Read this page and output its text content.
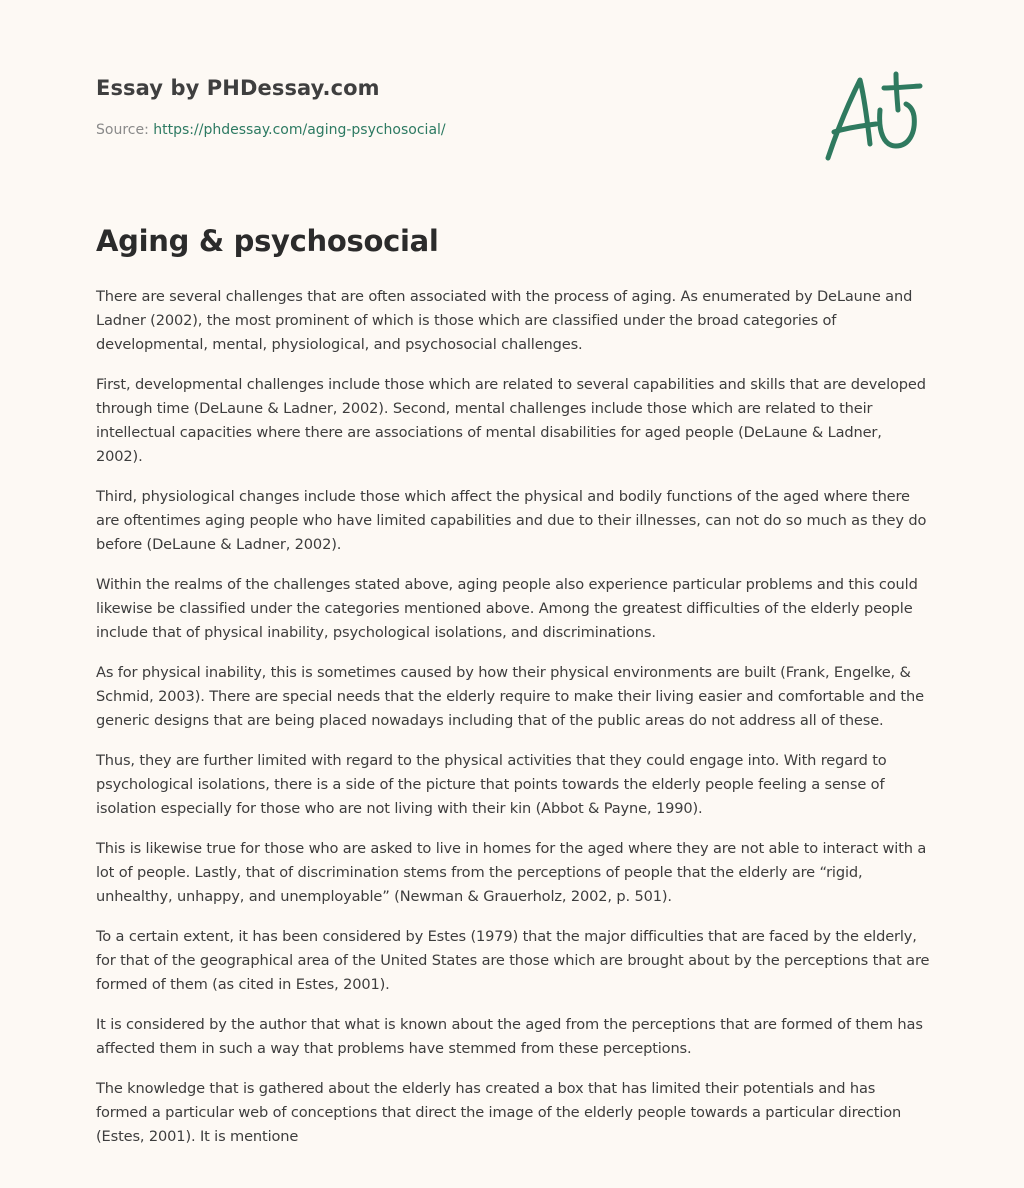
Essay by PHDessay.com
Source: https://phdessay.com/aging-psychosocial/
Aging & psychosocial

There are several challenges that are often associated with the process of aging. As enumerated by DeLaune and Ladner (2002), the most prominent of which is those which are classified under the broad categories of developmental, mental, physiological, and psychosocial challenges.

First, developmental challenges include those which are related to several capabilities and skills that are developed through time (DeLaune & Ladner, 2002). Second, mental challenges include those which are related to their intellectual capacities where there are associations of mental disabilities for aged people (DeLaune & Ladner, 2002).

Third, physiological changes include those which affect the physical and bodily functions of the aged where there are oftentimes aging people who have limited capabilities and due to their illnesses, can not do so much as they do before (DeLaune & Ladner, 2002).

Within the realms of the challenges stated above, aging people also experience particular problems and this could likewise be classified under the categories mentioned above. Among the greatest difficulties of the elderly people include that of physical inability, psychological isolations, and discriminations.

As for physical inability, this is sometimes caused by how their physical environments are built (Frank, Engelke, & Schmid, 2003). There are special needs that the elderly require to make their living easier and comfortable and the generic designs that are being placed nowadays including that of the public areas do not address all of these.

Thus, they are further limited with regard to the physical activities that they could engage into. With regard to psychological isolations, there is a side of the picture that points towards the elderly people feeling a sense of isolation especially for those who are not living with their kin (Abbot & Payne, 1990).

This is likewise true for those who are asked to live in homes for the aged where they are not able to interact with a lot of people. Lastly, that of discrimination stems from the perceptions of people that the elderly are “rigid, unhealthy, unhappy, and unemployable” (Newman & Grauerholz, 2002, p. 501).

To a certain extent, it has been considered by Estes (1979) that the major difficulties that are faced by the elderly, for that of the geographical area of the United States are those which are brought about by the perceptions that are formed of them (as cited in Estes, 2001).

It is considered by the author that what is known about the aged from the perceptions that are formed of them has affected them in such a way that problems have stemmed from these perceptions.

The knowledge that is gathered about the elderly has created a box that has limited their potentials and has formed a particular web of conceptions that direct the image of the elderly people towards a particular direction (Estes, 2001). It is mentione
